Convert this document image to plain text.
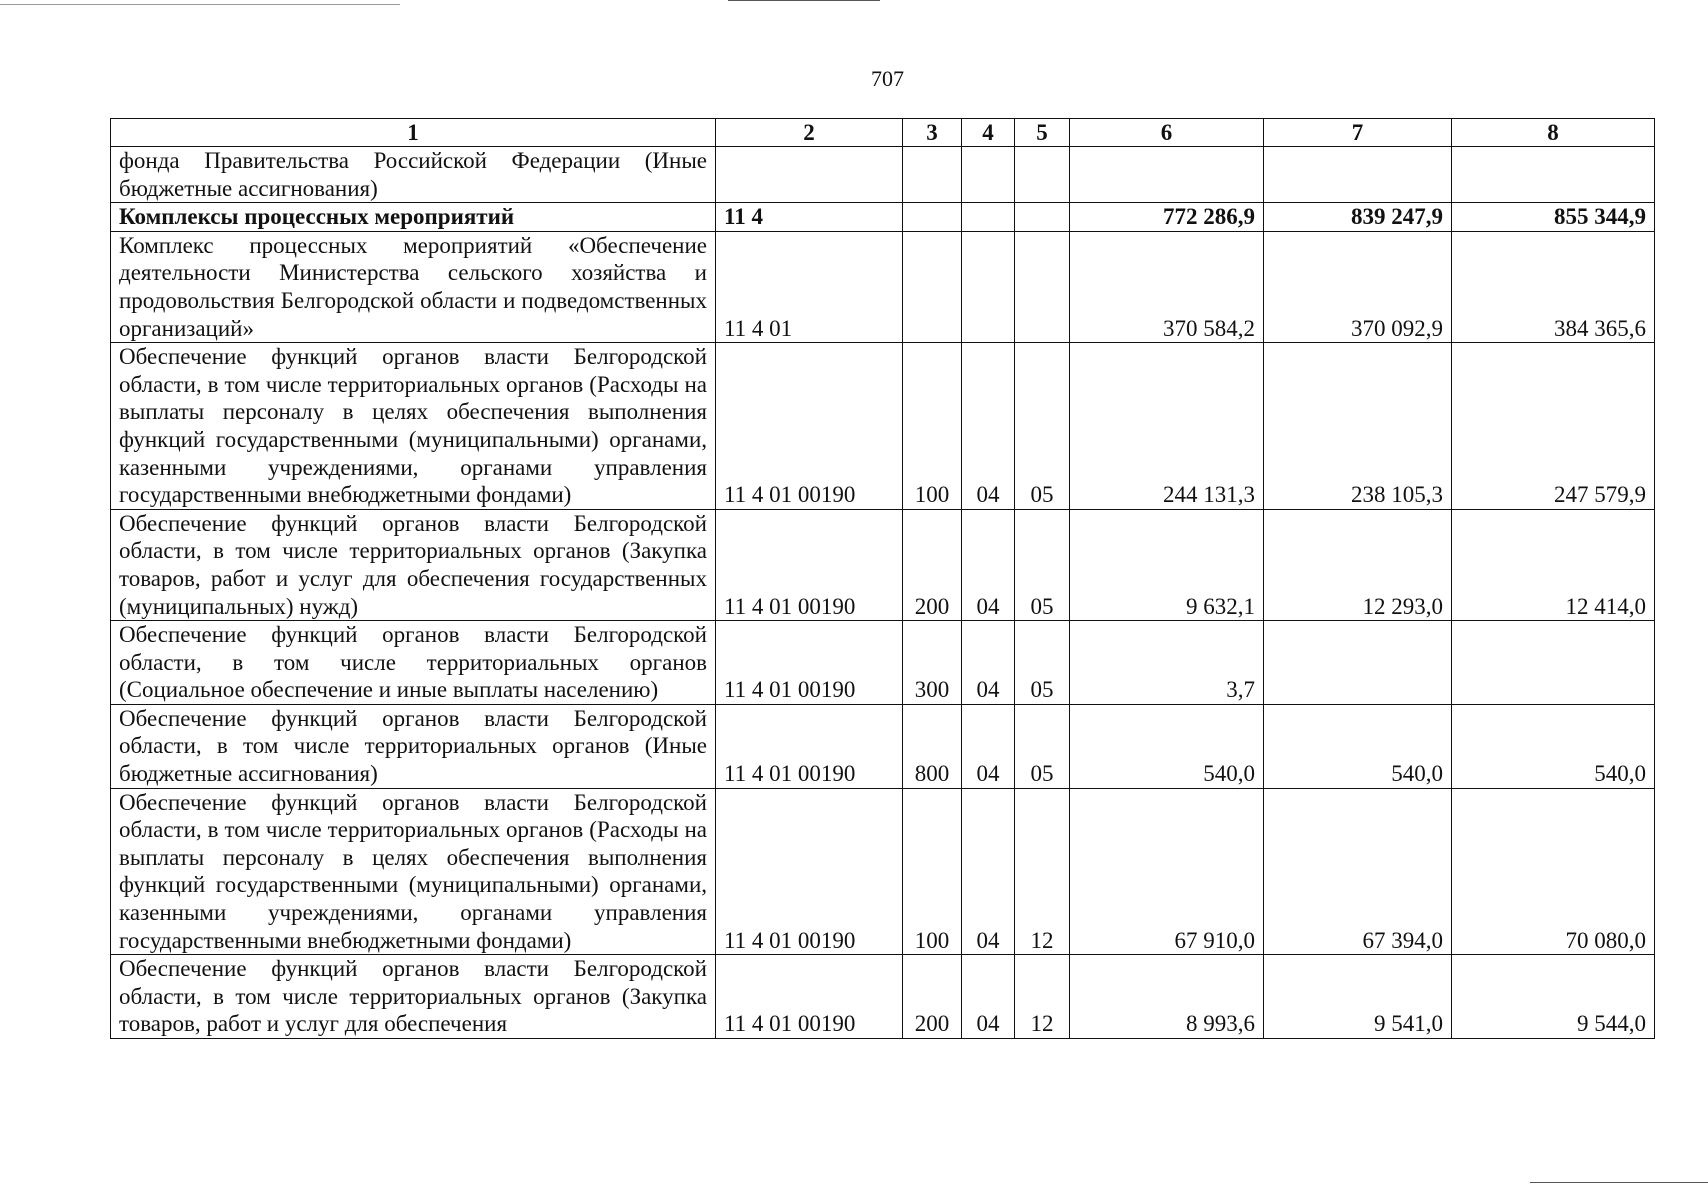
707
1	2	3	4	5	6	7	8
фонда Правительства Российской Федерации (Иные бюджетные ассигнования)							
Комплексы процессных мероприятий	11 4				772 286,9	839 247,9	855 344,9
Комплекс процессных мероприятий «Обеспечение деятельности Министерства сельского хозяйства и продовольствия Белгородской области и подведомственных организаций»	11 4 01				370 584,2	370 092,9	384 365,6
Обеспечение функций органов власти Белгородской области, в том числе территориальных органов (Расходы на выплаты персоналу в целях обеспечения выполнения функций государственными (муниципальными) органами, казенными учреждениями, органами управления государственными внебюджетными фондами)	11 4 01 00190	100	04	05	244 131,3	238 105,3	247 579,9
Обеспечение функций органов власти Белгородской области, в том числе территориальных органов (Закупка товаров, работ и услуг для обеспечения государственных (муниципальных) нужд)	11 4 01 00190	200	04	05	9 632,1	12 293,0	12 414,0
Обеспечение функций органов власти Белгородской области, в том числе территориальных органов (Социальное обеспечение и иные выплаты населению)	11 4 01 00190	300	04	05	3,7		
Обеспечение функций органов власти Белгородской области, в том числе территориальных органов (Иные бюджетные ассигнования)	11 4 01 00190	800	04	05	540,0	540,0	540,0
Обеспечение функций органов власти Белгородской области, в том числе территориальных органов (Расходы на выплаты персоналу в целях обеспечения выполнения функций государственными (муниципальными) органами, казенными учреждениями, органами управления государственными внебюджетными фондами)	11 4 01 00190	100	04	12	67 910,0	67 394,0	70 080,0
Обеспечение функций органов власти Белгородской области, в том числе территориальных органов (Закупка товаров, работ и услуг для обеспечения	11 4 01 00190	200	04	12	8 993,6	9 541,0	9 544,0
